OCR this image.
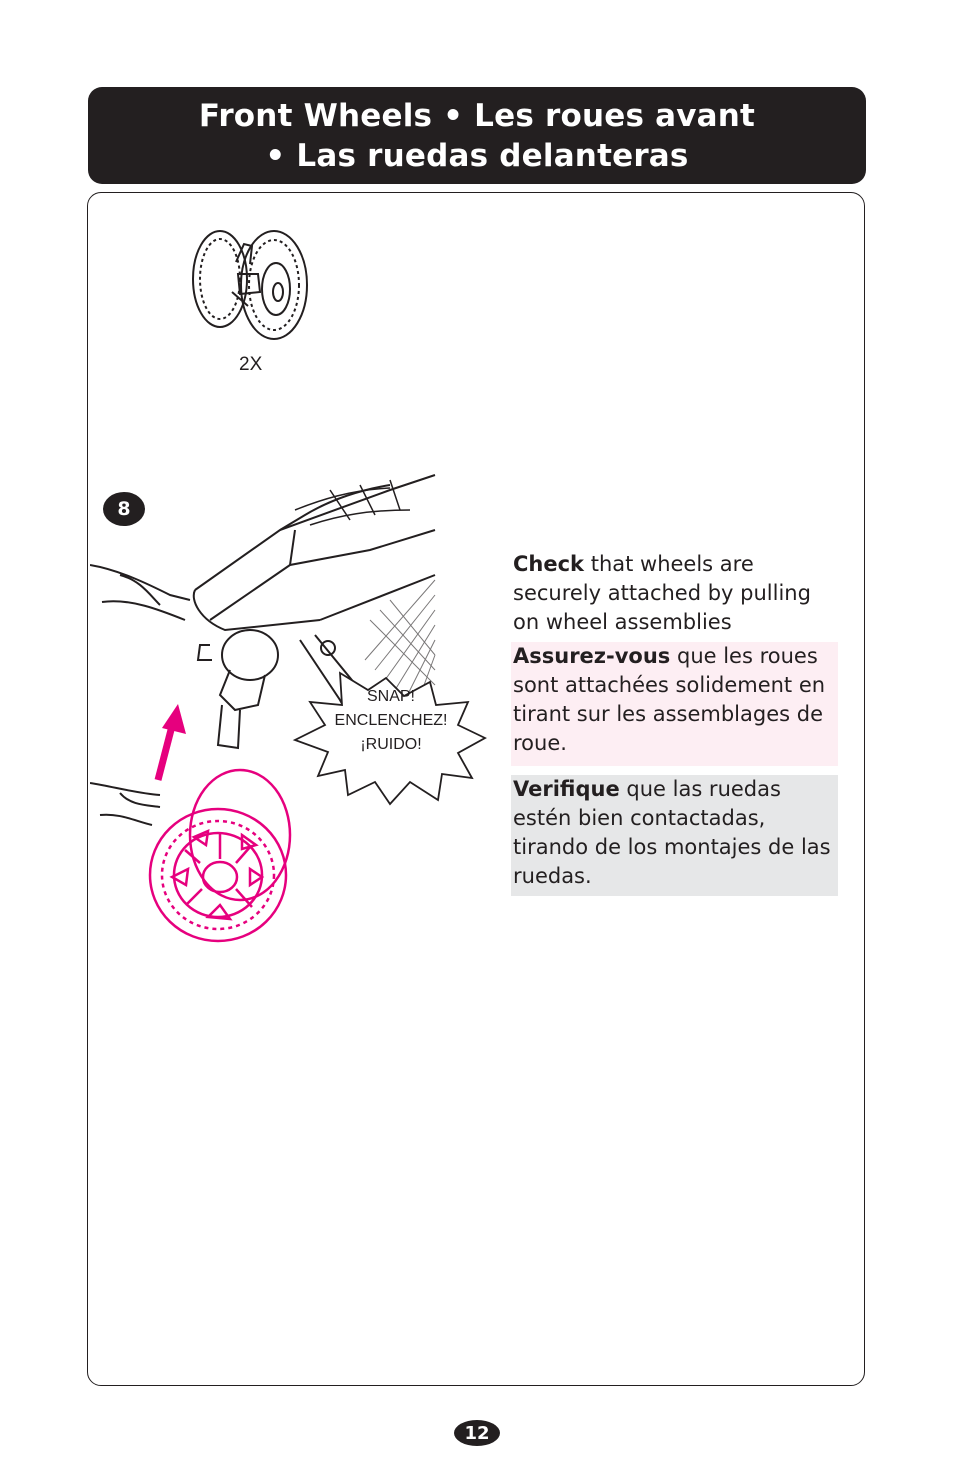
Front Wheels • Les roues avant
• Las ruedas delanteras
2X
8
SNAP!
ENCLENCHEZ!
¡RUIDO!
Check that wheels are securely attached by pulling on wheel assemblies
Assurez-vous que les roues sont attachées solidement en tirant sur les assemblages de roue.
Verifique que las ruedas estén bien contactadas, tirando de los montajes de las ruedas.
12
